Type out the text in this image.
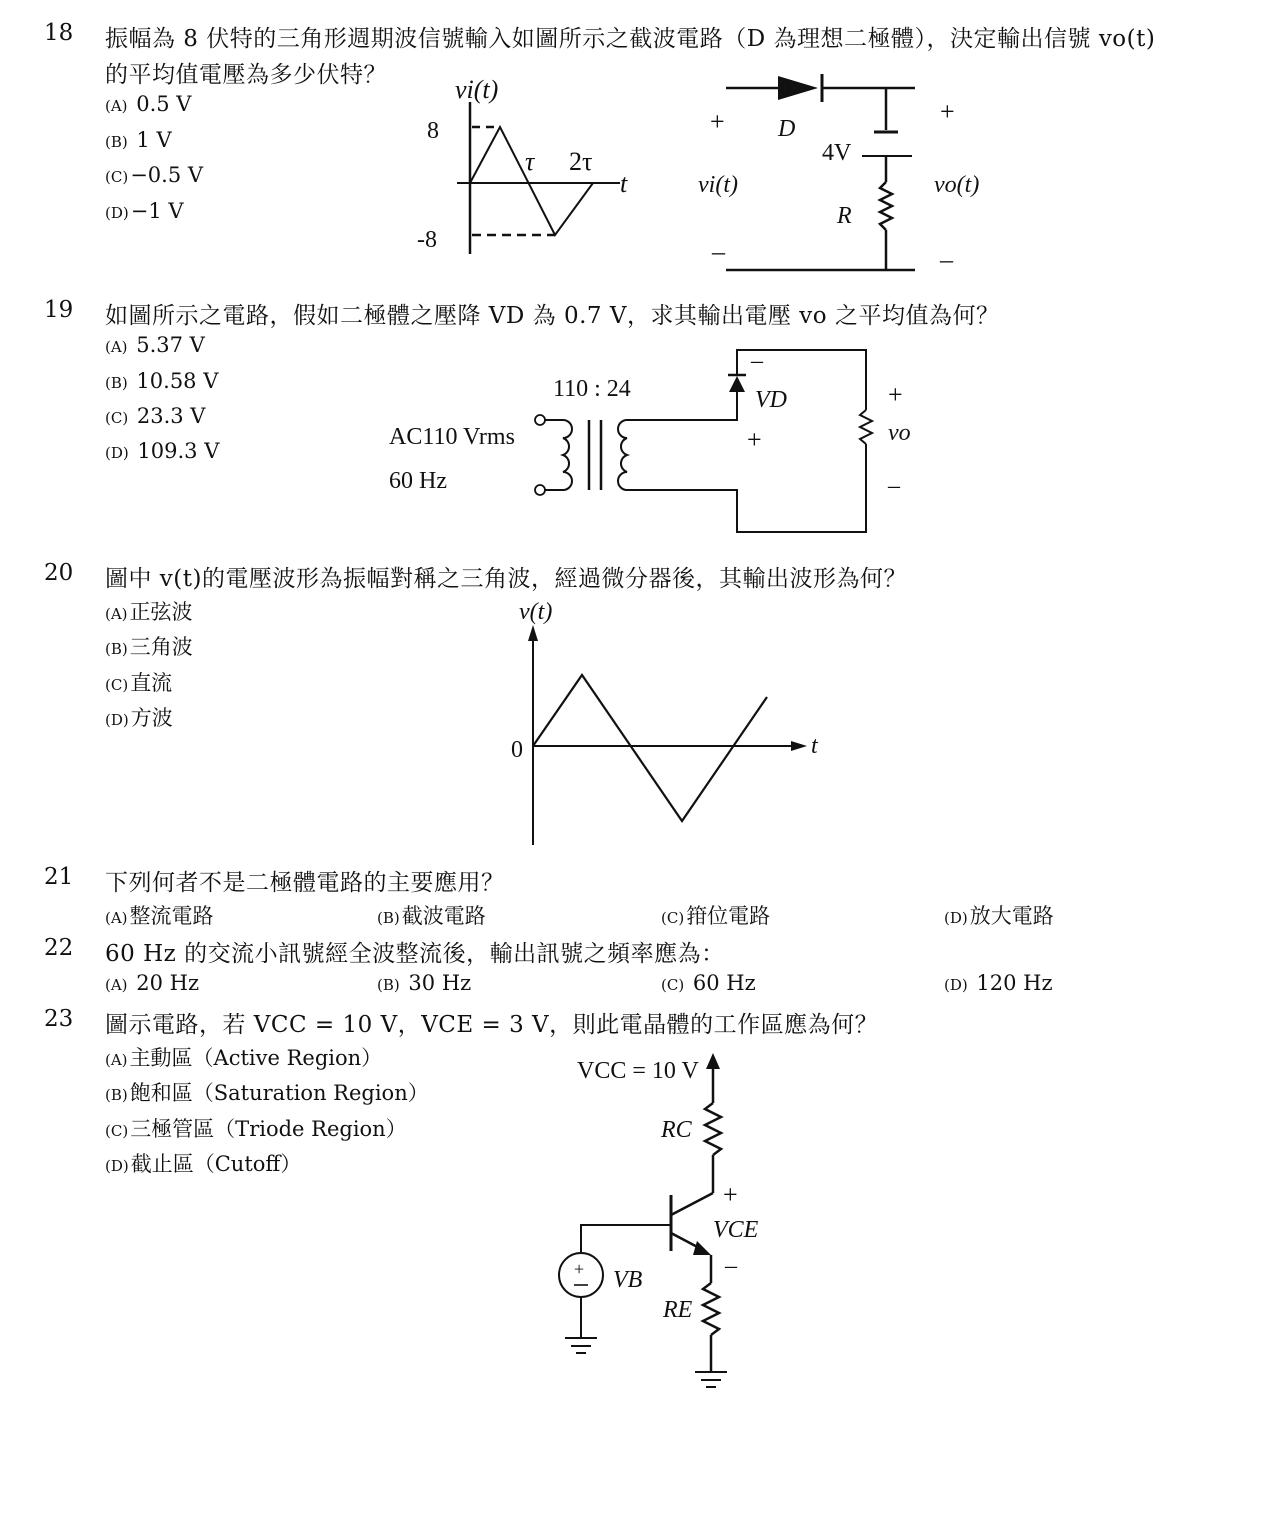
18 振幅為 8 伏特的三角形週期波信號輸入如圖所示之截波電路（D 為理想二極體），決定輸出信號 vo(t)
的平均值電壓為多少伏特？
(A) 0.5 V
(B) 1 V
(C)−0.5 V
(D)−1 V
vi(t)
8
-8
τ 2τ
t
+	+
D
4V
vi(t)	vo(t)
R
–	–
19 如圖所示之電路，假如二極體之壓降 VD 為 0.7 V，求其輸出電壓 vo 之平均值為何？
(A) 5.37 V
(B) 10.58 V
(C) 23.3 V
(D) 109.3 V
110 : 24
AC110 Vrms
60 Hz
–
VD
+
+
vo
–
20 圖中 v(t)的電壓波形為振幅對稱之三角波，經過微分器後，其輸出波形為何？
(A)正弦波
(B)三角波
(C)直流
(D)方波
v(t)
0	t
21 下列何者不是二極體電路的主要應用？
(A)整流電路	(B)截波電路	(C)箝位電路	(D)放大電路
22 60 Hz 的交流小訊號經全波整流後，輸出訊號之頻率應為：
(A) 20 Hz	(B) 30 Hz	(C) 60 Hz	(D) 120 Hz
23 圖示電路，若 VCC = 10 V，VCE = 3 V，則此電晶體的工作區應為何？
(A)主動區（Active Region）
(B)飽和區（Saturation Region）
(C)三極管區（Triode Region）
(D)截止區（Cutoff）
VCC = 10 V
+
RC
+
VCE
–
VB
RE
